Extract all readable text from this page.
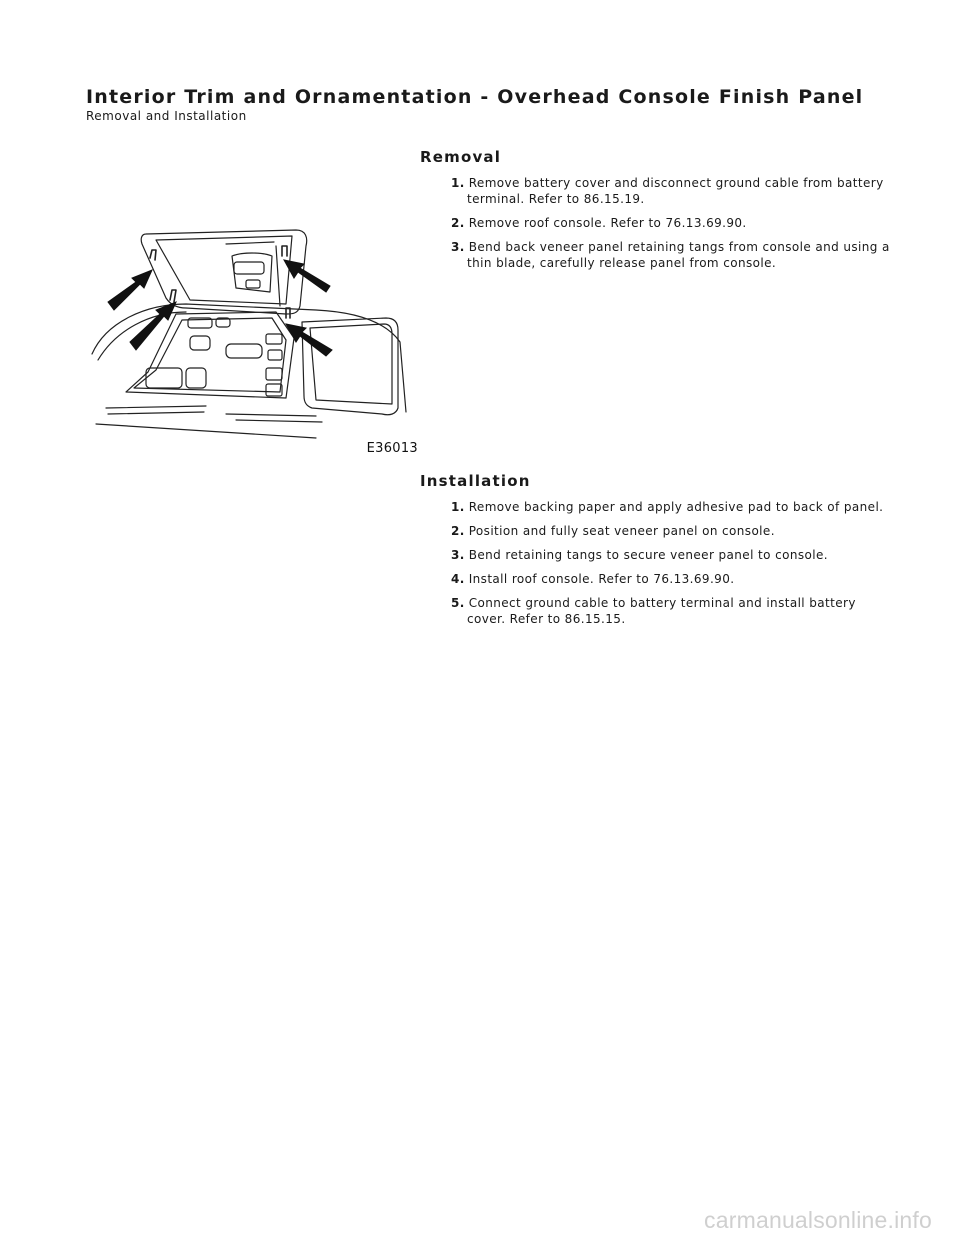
Interior Trim and Ornamentation - Overhead Console Finish Panel
Removal and Installation
Removal
1. Remove battery cover and disconnect ground cable from battery terminal. Refer to 86.15.19.
2. Remove roof console. Refer to 76.13.69.90.
3. Bend back veneer panel retaining tangs from console and using a thin blade, carefully release panel from console.
E36013
Installation
1. Remove backing paper and apply adhesive pad to back of panel.
2. Position and fully seat veneer panel on console.
3. Bend retaining tangs to secure veneer panel to console.
4. Install roof console. Refer to 76.13.69.90.
5. Connect ground cable to battery terminal and install battery cover. Refer to 86.15.15.
carmanualsonline.info
